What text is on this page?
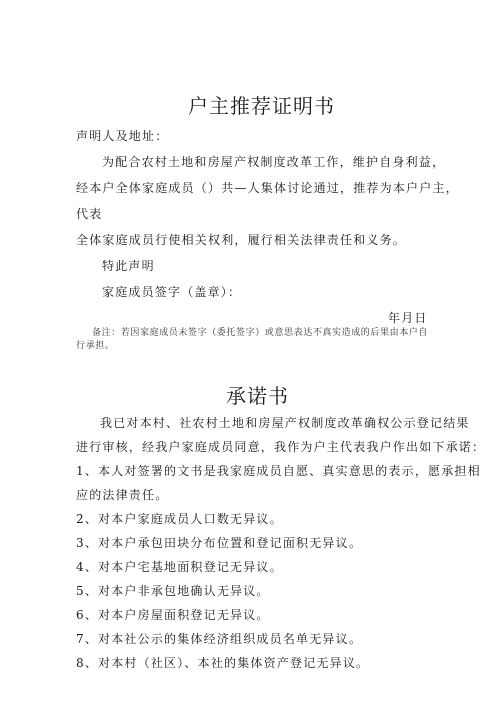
户主推荐证明书
声明人及地址：
为配合农村土地和房屋产权制度改革工作，维护自身利益，
经本户全体家庭成员（）共—人集体讨论通过，推荐为本户户主，
代表
全体家庭成员行使相关权利，履行相关法律责任和义务。
特此声明
家庭成员签字（盖章）：
年月日
备注：若因家庭成员未签字（委托签字）或意思表达不真实造成的后果由本户自行承担。
承诺书
我已对本村、社农村土地和房屋产权制度改革确权公示登记结果
进行审核，经我户家庭成员同意，我作为户主代表我户作出如下承诺：
1、本人对签署的文书是我家庭成员自愿、真实意思的表示，愿承担相
应的法律责任。
2、对本户家庭成员人口数无异议。
3、对本户承包田块分布位置和登记面积无异议。
4、对本户宅基地面积登记无异议。
5、对本户非承包地确认无异议。
6、对本户房屋面积登记无异议。
7、对本社公示的集体经济组织成员名单无异议。
8、对本村（社区）、本社的集体资产登记无异议。
